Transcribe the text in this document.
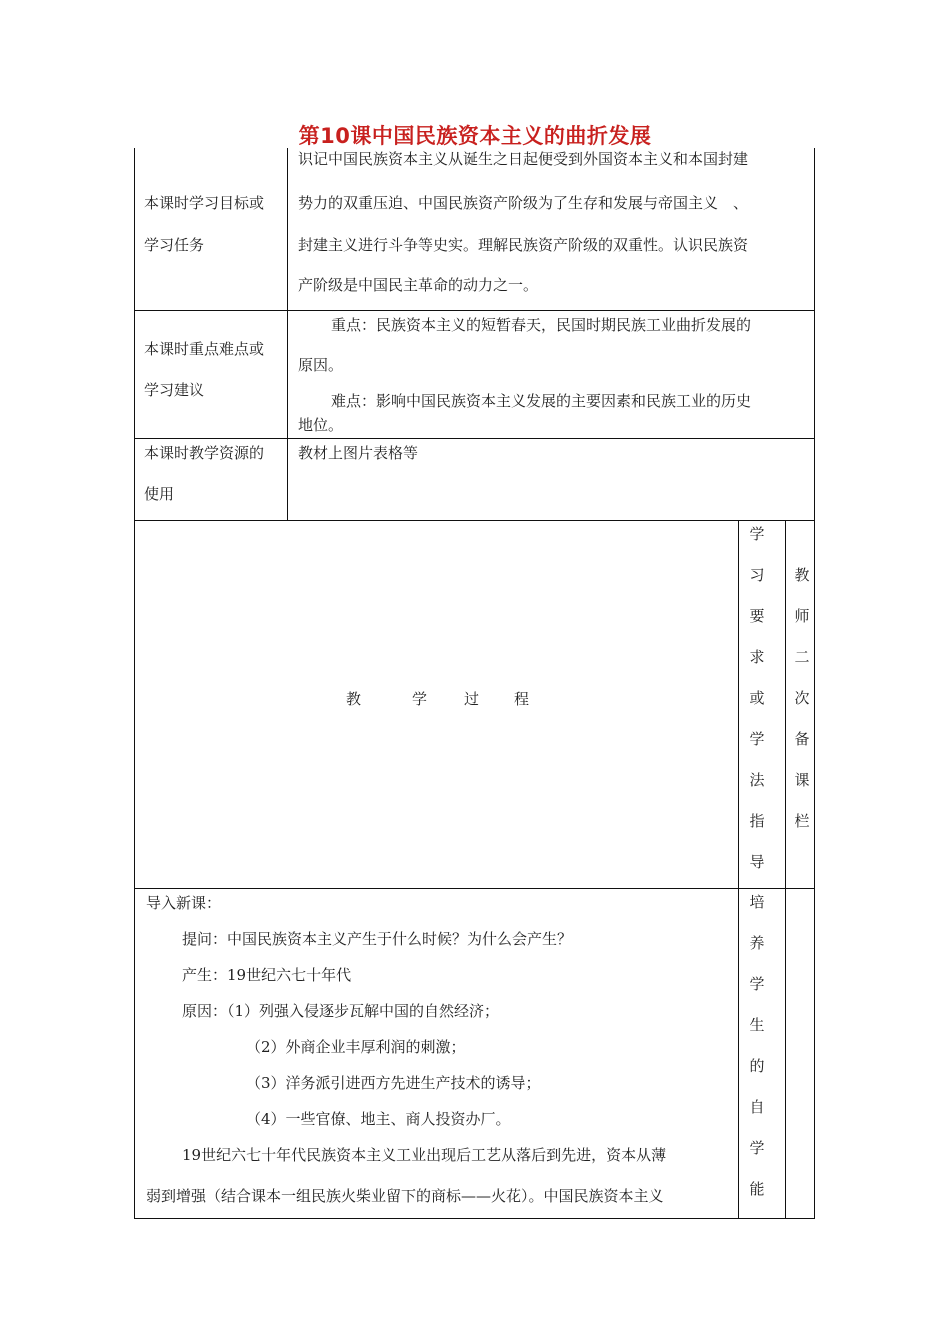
第10课中国民族资本主义的曲折发展
本课时学习目标或
学习任务
识记中国民族资本主义从诞生之日起便受到外国资本主义和本国封建
势力的双重压迫、中国民族资产阶级为了生存和发展与帝国主义　、
封建主义进行斗争等史实。理解民族资产阶级的双重性。认识民族资
产阶级是中国民主革命的动力之一。
本课时重点难点或
学习建议
重点：民族资本主义的短暂春天，民国时期民族工业曲折发展的
原因。
难点：影响中国民族资本主义发展的主要因素和民族工业的历史
地位。
本课时教学资源的
使用
教材上图片表格等
教	学 过 程
学
习
要
求
或
学
法
指
导
教
师
二
次
备
课
栏
导入新课：
提问：中国民族资本主义产生于什么时候？为什么会产生？
产生：19世纪六七十年代
原因：（1）列强入侵逐步瓦解中国的自然经济；
（2）外商企业丰厚利润的刺激；
（3）洋务派引进西方先进生产技术的诱导；
（4）一些官僚、地主、商人投资办厂。
19世纪六七十年代民族资本主义工业出现后工艺从落后到先进，资本从薄
弱到增强（结合课本一组民族火柴业留下的商标——火花）。中国民族资本主义
培
养
学
生
的
自
学
能
